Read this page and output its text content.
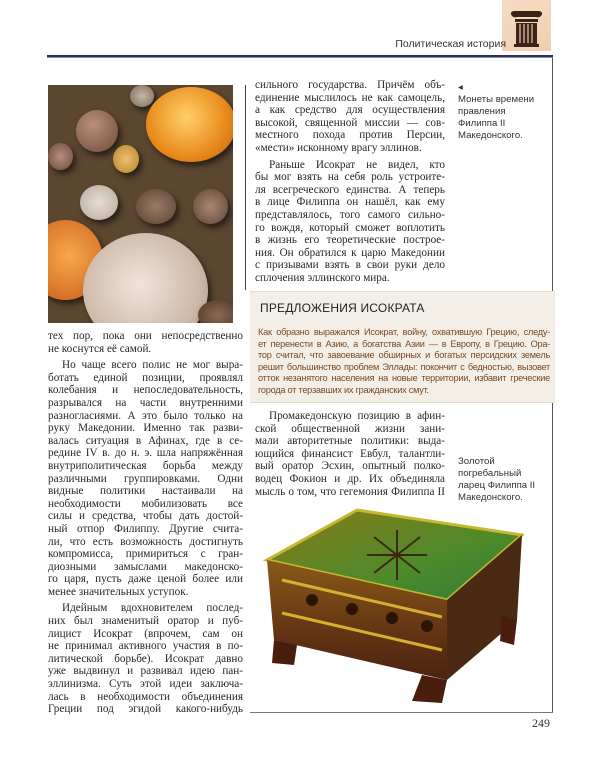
Политическая история
◂
Монеты времени
правления
Филиппа II
Македонского.
тех пор, пока они непосредственно
не коснутся её самой.
Но чаще всего полис не мог выра-
ботать единой позиции, проявлял
колебания и непоследовательность,
разрывался на части внутренними
разногласиями. А это было только на
руку Македонии. Именно так разви-
валась ситуация в Афинах, где в се-
редине IV в. до н. э. шла напряжённая
внутриполитическая борьба между
различными группировками. Одни
видные политики настаивали на
необходимости мобилизовать все
силы и средства, чтобы дать достой-
ный отпор Филиппу. Другие счита-
ли, что есть возможность достигнуть
компромисса, примириться с гран-
диозными замыслами македонско-
го царя, пусть даже ценой более или
менее значительных уступок.
Идейным вдохновителем послед-
них был знаменитый оратор и пуб-
лицист Исократ (впрочем, сам он
не принимал активного участия в по-
литической борьбе). Исократ давно
уже выдвинул и развивал идею пан-
эллинизма. Суть этой идеи заключа-
лась в необходимости объединения
Греции под эгидой какого-нибудь
сильного государства. Причём объ-
единение мыслилось не как самоцель,
а как средство для осуществления
высокой, священной миссии — сов-
местного похода против Персии,
«мести» исконному врагу эллинов.
Раньше Исократ не видел, кто
бы мог взять на себя роль устроите-
ля всегреческого единства. А теперь
в лице Филиппа он нашёл, как ему
представлялось, того самого сильно-
го вождя, который сможет воплотить
в жизнь его теоретические построе-
ния. Он обратился к царю Македонии
с призывами взять в свои руки дело
сплочения эллинского мира.
ПРЕДЛОЖЕНИЯ ИСОКРАТА
Как образно выражался Исократ, войну, охватившую Грецию, следу-
ет перенести в Азию, а богатства Азии — в Европу, в Грецию. Ора-
тор считал, что завоевание обширных и богатых персидских земель
решит большинство проблем Эллады: покончит с бедностью, вызовет
отток незанятого населения на новые территории, избавит греческие
города от терзавших их гражданских смут.
Промакедонскую позицию в афин-
ской общественной жизни зани-
мали авторитетные политики: выда-
ющийся финансист Евбул, талантли-
вый оратор Эсхин, опытный полко-
водец Фокион и др. Их объединяла
мысль о том, что гегемония Филиппа II
Золотой
погребальный
ларец Филиппа II
Македонского.
249
